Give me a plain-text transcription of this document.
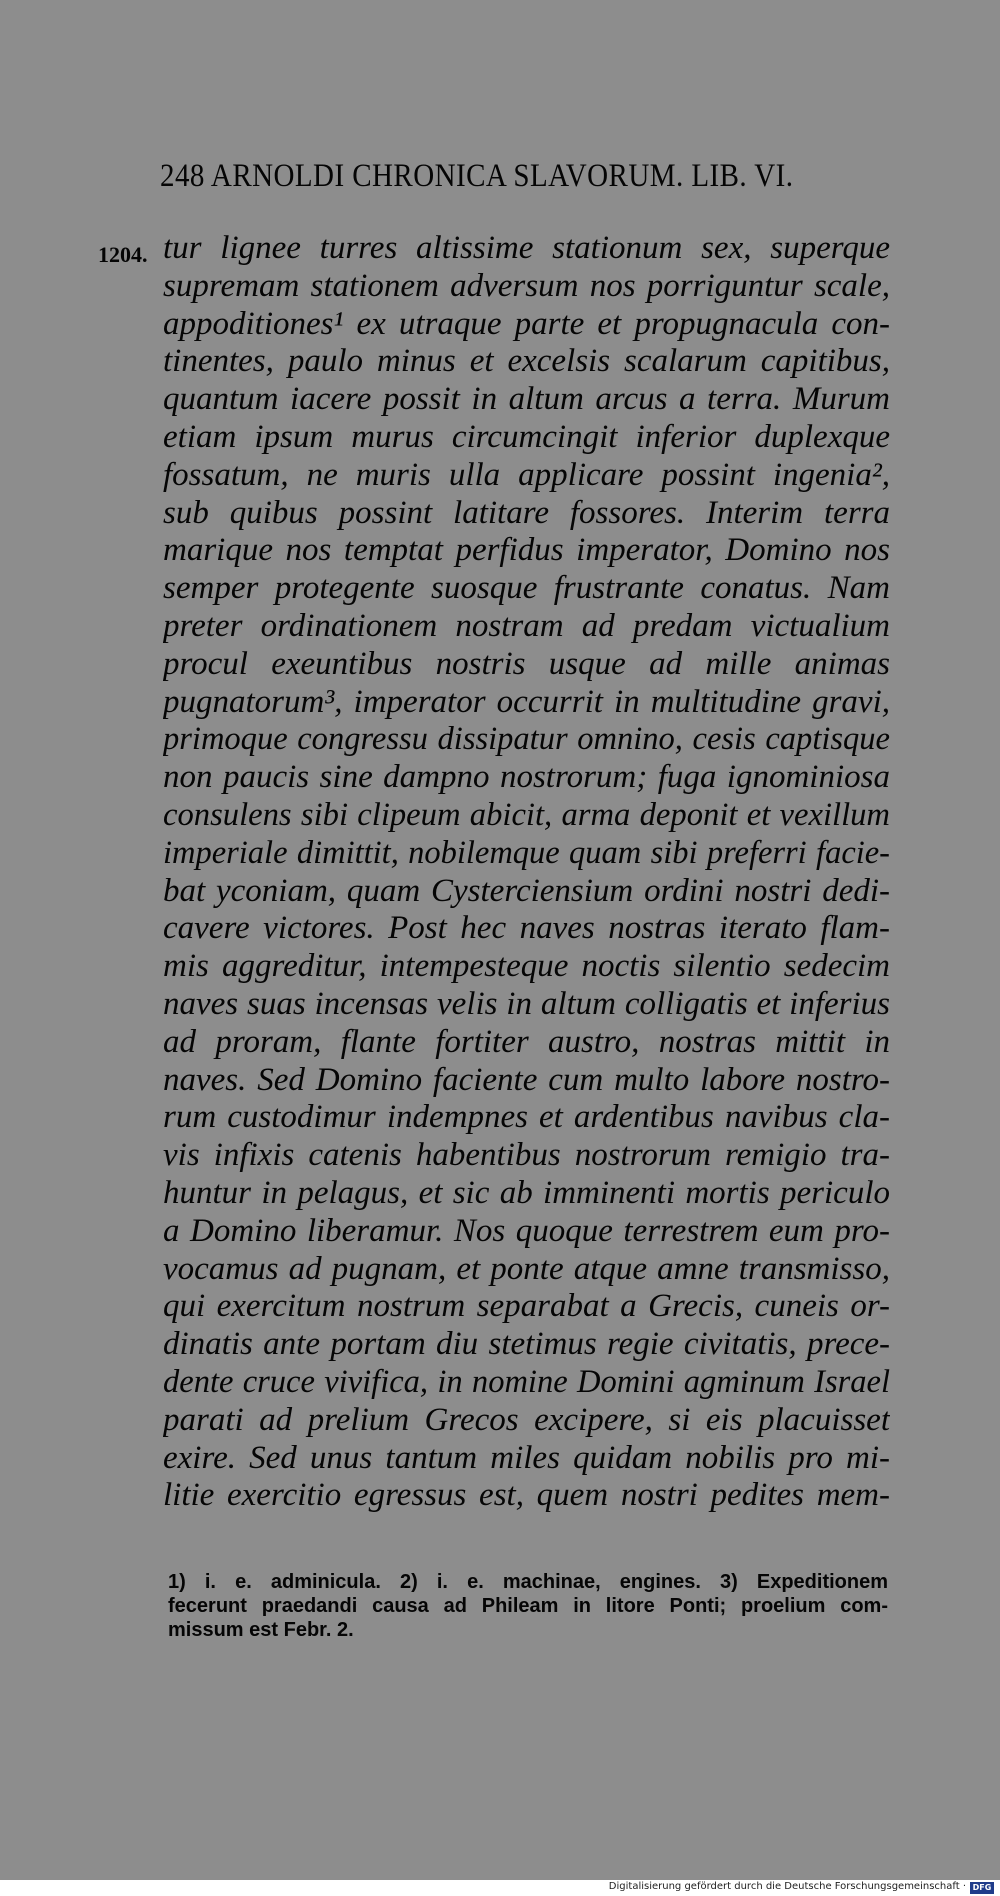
248 ARNOLDI CHRONICA SLAVORUM. LIB. VI.
1204. tur lignee turres altissime stationum sex, superque
supremam stationem adversum nos porriguntur scale,
appoditiones¹ ex utraque parte et propugnacula con-
tinentes, paulo minus et excelsis scalarum capitibus,
quantum iacere possit in altum arcus a terra. Murum
etiam ipsum murus circumcingit inferior duplexque
fossatum, ne muris ulla applicare possint ingenia²,
sub quibus possint latitare fossores. Interim terra
marique nos temptat perfidus imperator, Domino nos
semper protegente suosque frustrante conatus. Nam
preter ordinationem nostram ad predam victualium
procul exeuntibus nostris usque ad mille animas
pugnatorum³, imperator occurrit in multitudine gravi,
primoque congressu dissipatur omnino, cesis captisque
non paucis sine dampno nostrorum; fuga ignominiosa
consulens sibi clipeum abicit, arma deponit et vexillum
imperiale dimittit, nobilemque quam sibi preferri facie-
bat yconiam, quam Cysterciensium ordini nostri dedi-
cavere victores. Post hec naves nostras iterato flam-
mis aggreditur, intempesteque noctis silentio sedecim
naves suas incensas velis in altum colligatis et inferius
ad proram, flante fortiter austro, nostras mittit in
naves. Sed Domino faciente cum multo labore nostro-
rum custodimur indempnes et ardentibus navibus cla-
vis infixis catenis habentibus nostrorum remigio tra-
huntur in pelagus, et sic ab imminenti mortis periculo
a Domino liberamur. Nos quoque terrestrem eum pro-
vocamus ad pugnam, et ponte atque amne transmisso,
qui exercitum nostrum separabat a Grecis, cuneis or-
dinatis ante portam diu stetimus regie civitatis, prece-
dente cruce vivifica, in nomine Domini agminum Israel
parati ad prelium Grecos excipere, si eis placuisset
exire. Sed unus tantum miles quidam nobilis pro mi-
litie exercitio egressus est, quem nostri pedites mem-
1) i. e. adminicula. 2) i. e. machinae, engines. 3) Expeditionem
fecerunt praedandi causa ad Phileam in litore Ponti; proelium com-
missum est Febr. 2.
Digitalisierung gefördert durch die Deutsche Forschungsgemeinschaft · DFG
